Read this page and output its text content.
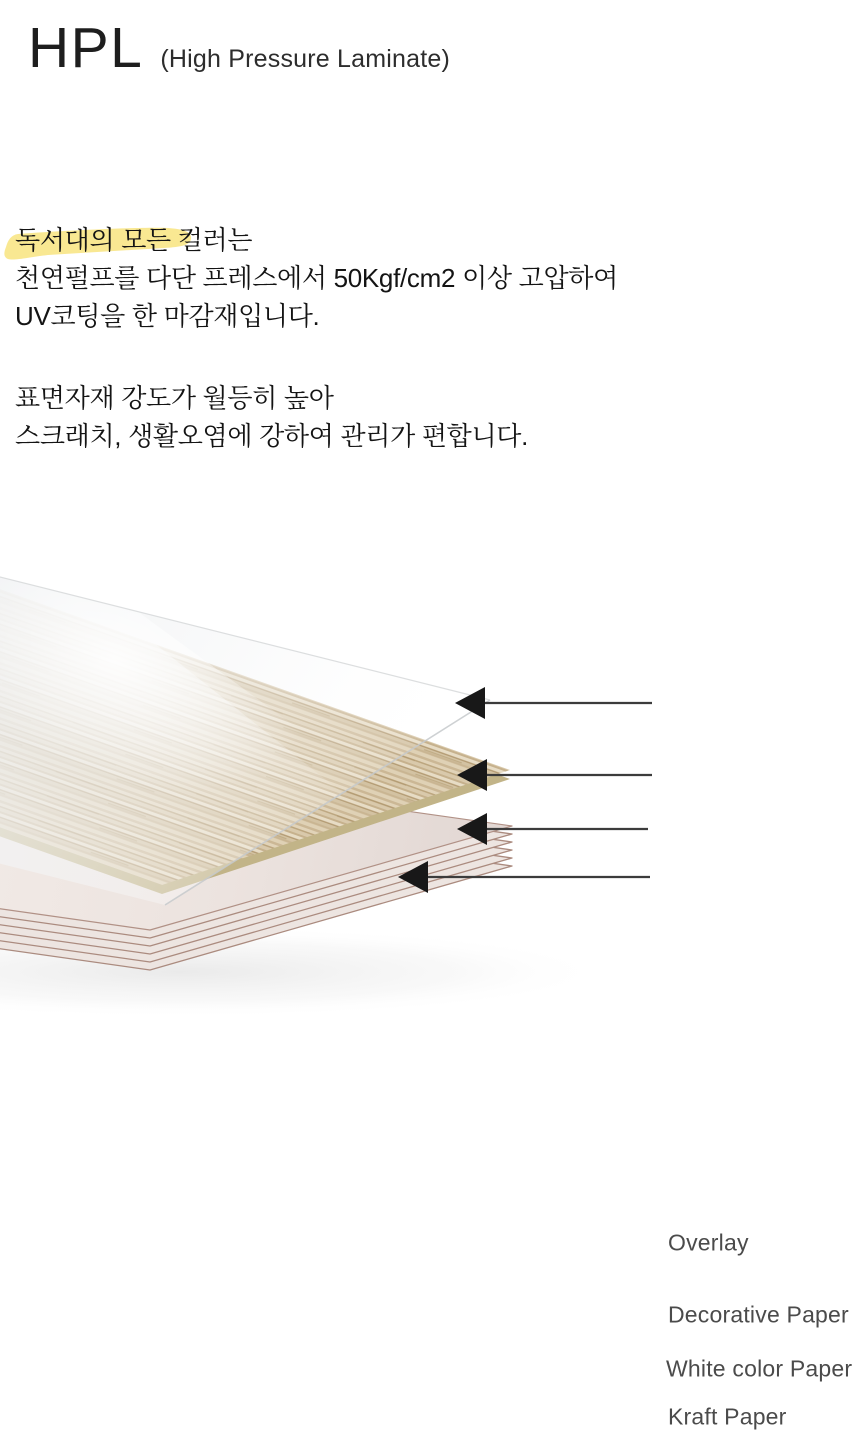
HPL (High Pressure Laminate)
독서대의 모든 컬러는
천연펄프를 다단 프레스에서 50Kgf/cm2 이상 고압하여
UV코팅을 한 마감재입니다.
표면자재 강도가 월등히 높아
스크래치, 생활오염에 강하여 관리가 편합니다.
Overlay
Decorative Paper
White color Paper
Kraft Paper
